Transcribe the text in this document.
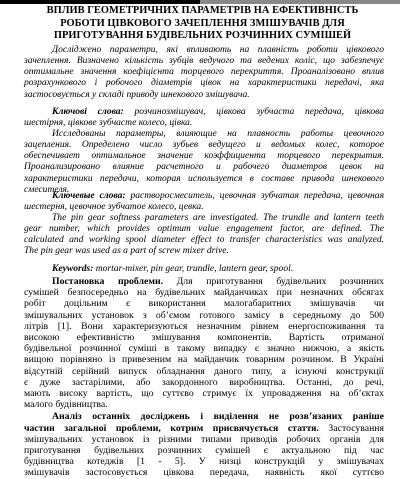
ВПЛИВ ГЕОМЕТРИЧНИХ ПАРАМЕТРІВ НА ЕФЕКТИВНІСТЬ
РОБОТИ ЦІВКОВОГО ЗАЧЕПЛЕННЯ ЗМІШУВАЧІВ ДЛЯ
ПРИГОТУВАННЯ БУДІВЕЛЬНИХ РОЗЧИННИХ СУМІШЕЙ
Досліджено параметри, які впливають на плавність роботи цівкового
зачеплення. Визначено кількість зубців ведучого та ведених коліс, що забезпечує
оптимальне значення коефіцієнта торцевого перекриття. Проаналізовано вплив
розрахункового і робочого діаметрів цівок на характеристики передачі, яка
застосовується у складі приводу шнекового змішувача.
Ключові слова: розчинозмішувач, цівкова зубчаста передача, цівкова
шестірня, цівкове зубчасте колесо, цівка.
Исследованы параметры, влияющие на плавность работы цевочного
зацепления. Определено число зубьев ведущего и ведомых колес, которое
обеспечивает оптимальное значение коэффициента торцевого перекрытия.
Проанализировано влияние расчетного и рабочего диаметров цевок на
характеристики передачи, которая используется в составе привода шнекового
смесителя.
Ключевые слова: растворосмеситель, цевочная зубчатая передача, цевочная
шестерня, цевочное зубчатое колесо, цевка.
The pin gear softness parameters are investigated. The trundle and lantern teeth
gear number, which provides optimum value engagement factor, are defined. The
calculated and working spool diameter effect to transfer characteristics was analyzed.
The pin gear was used as a part of screw mixer drive.
Keywords: mortar-mixer, pin gear, trundle, lantern gear, spool.
Постановка проблеми. Для приготування будівельних розчинних
сумішей безпосередньо на будівельних майданчиках при незначних обсягах
робіт доцільним є використання малогабаритних змішувачів чи
змішувальних установок з об’ємом готового замісу в середньому до 500
літрів [1]. Вони характеризуються незначним рівнем енергоспоживання та
високою ефективністю змішування компонентів. Вартість отриманої
будівельної розчинної суміші в такому випадку є значно нижчою, а якість
вищою порівняно із привезеним на майданчик товарним розчином. В Україні
відсутній серійний випуск обладнання даного типу, а існуючі конструкції
є дуже застарілими, або закордонного виробництва. Останні, до речі,
мають високу вартість, що суттєво стримує їх упровадження на об’єктах
малого будівництва.
Аналіз останніх досліджень і виділення не розв’язаних раніше
частин загальної проблеми, котрим присвячується стаття. Застосування
змішувальних установок із різними типами приводів робочих органів для
приготування будівельних розчинних сумішей є актуальною під час
будівництва котеджів [1 - 5]. У низці конструкцій у змішувачах
змішувачів застосовується цівкова передача, наявність якої суттєво
